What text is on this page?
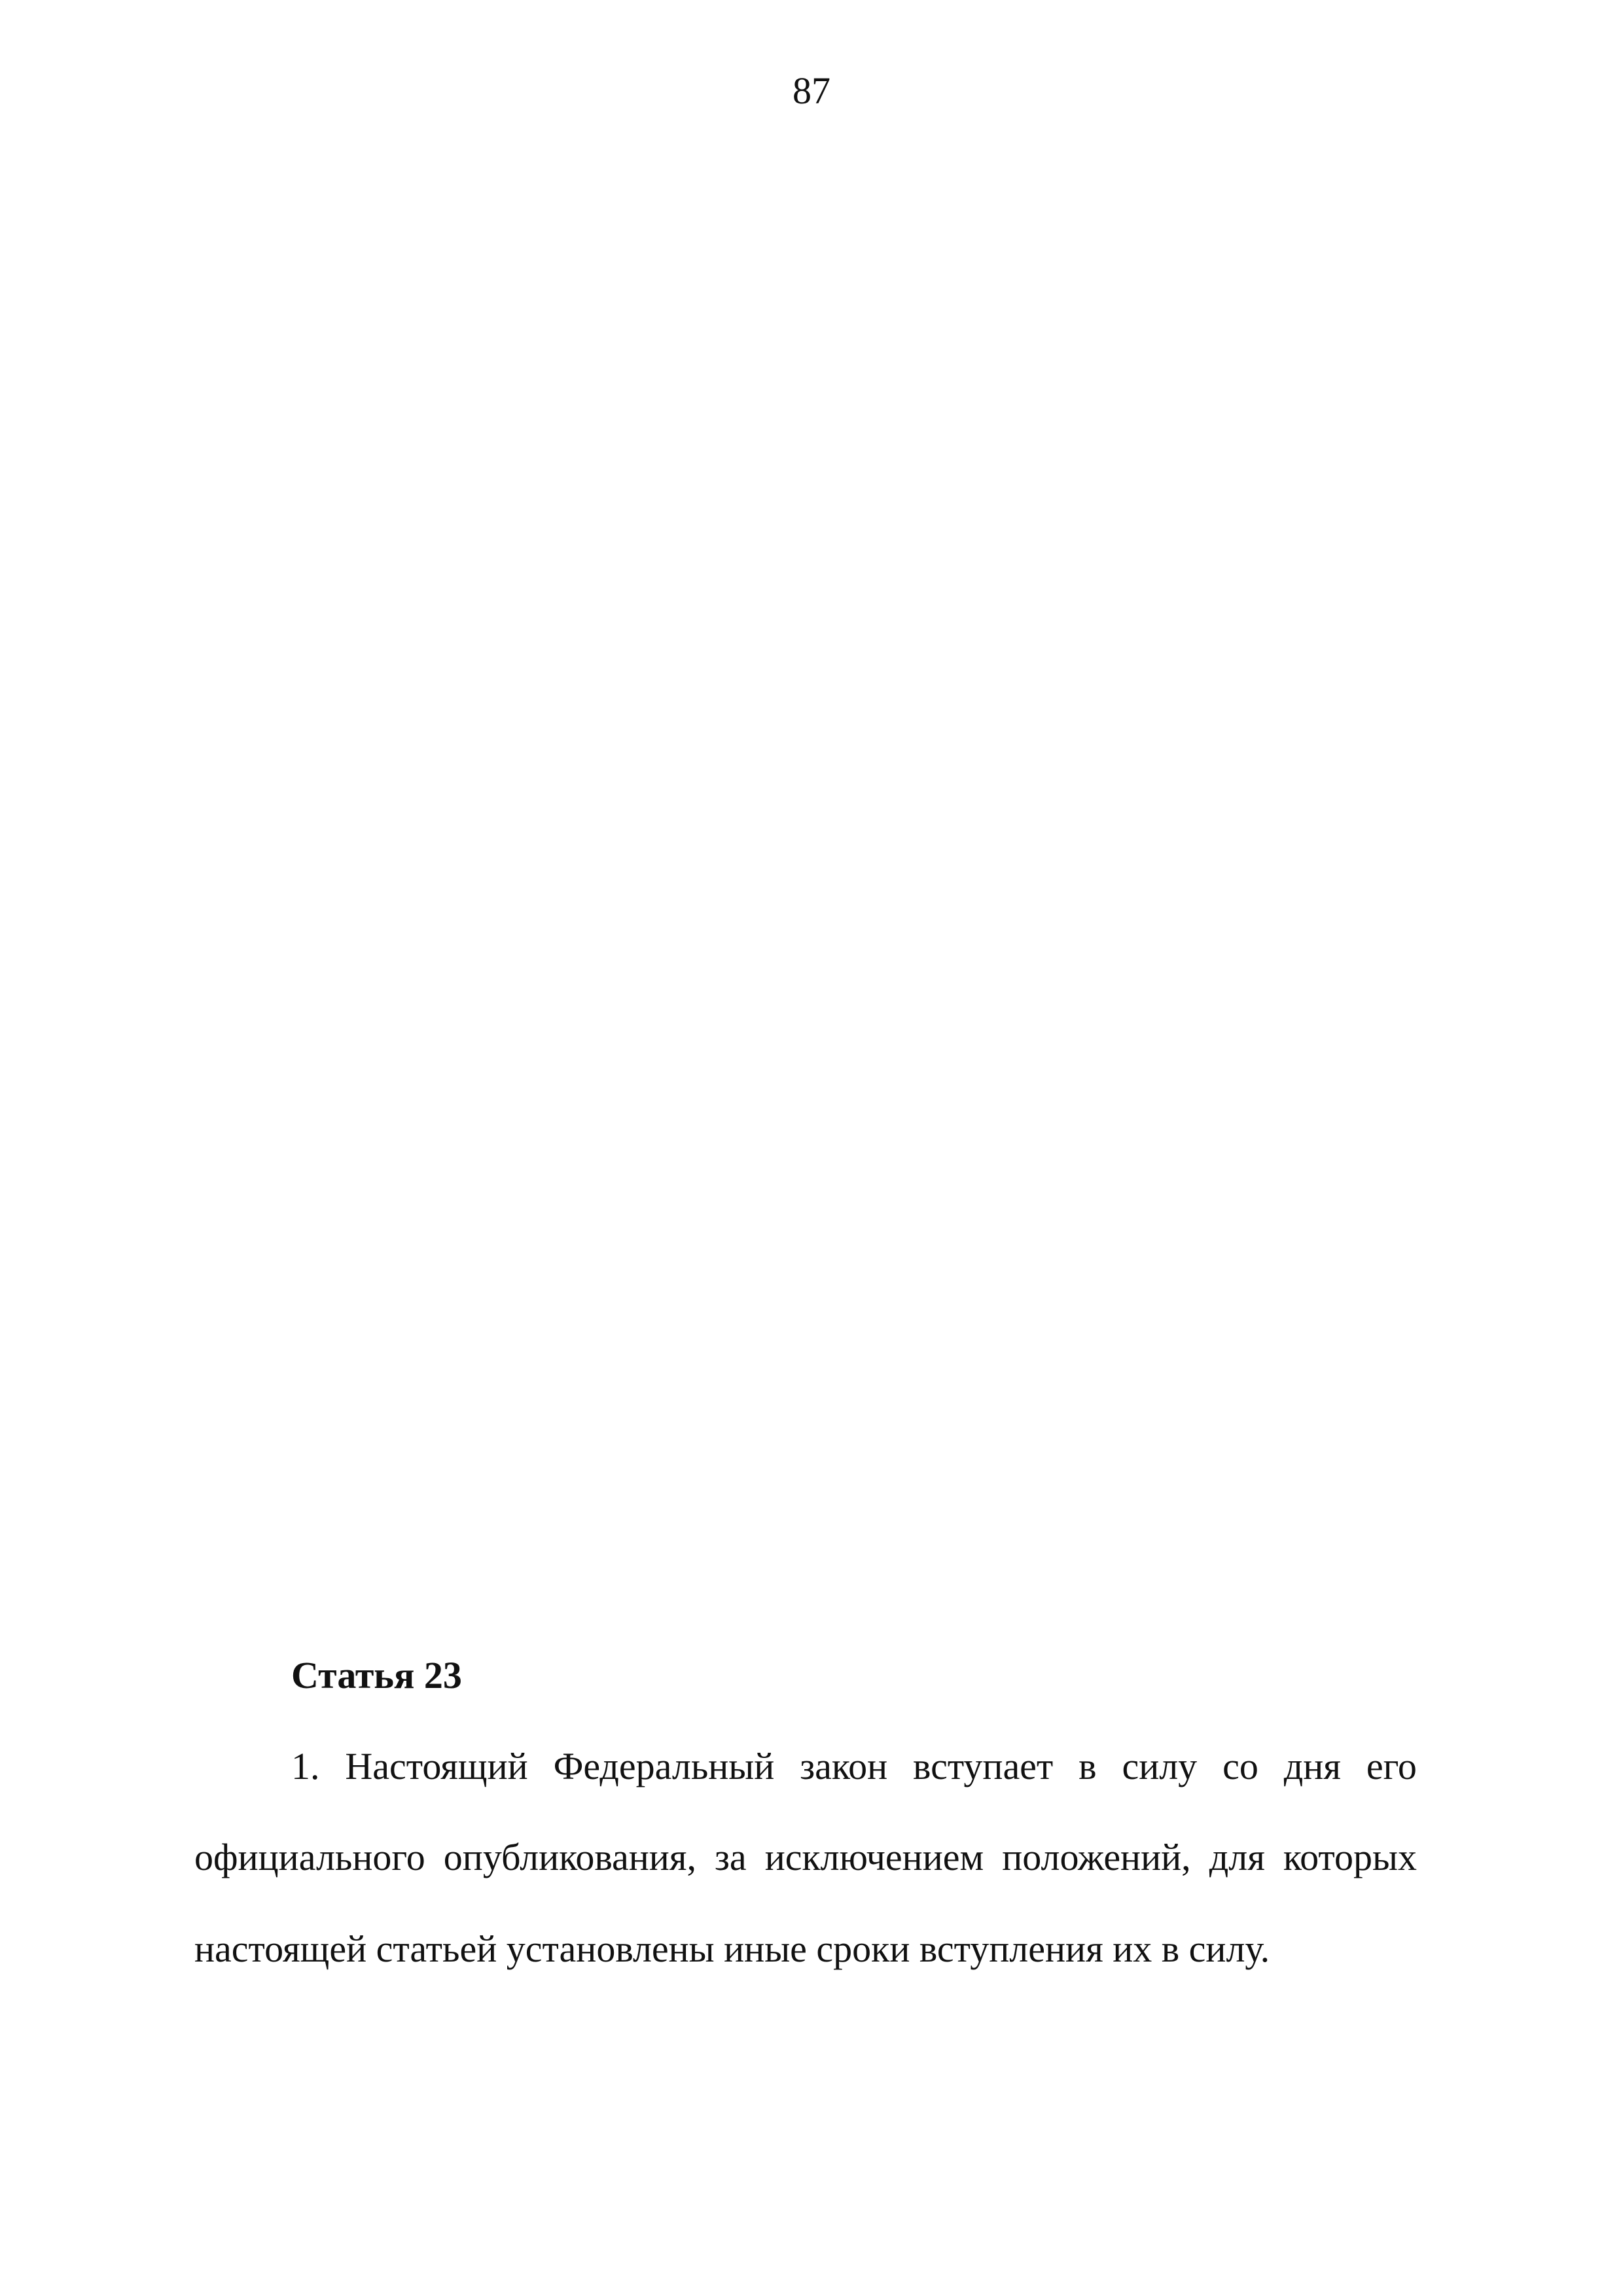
87
Статья 23
1. Настоящий Федеральный закон вступает в силу со дня его
официального опубликования, за исключением положений, для которых
настоящей статьей установлены иные сроки вступления их в силу.
